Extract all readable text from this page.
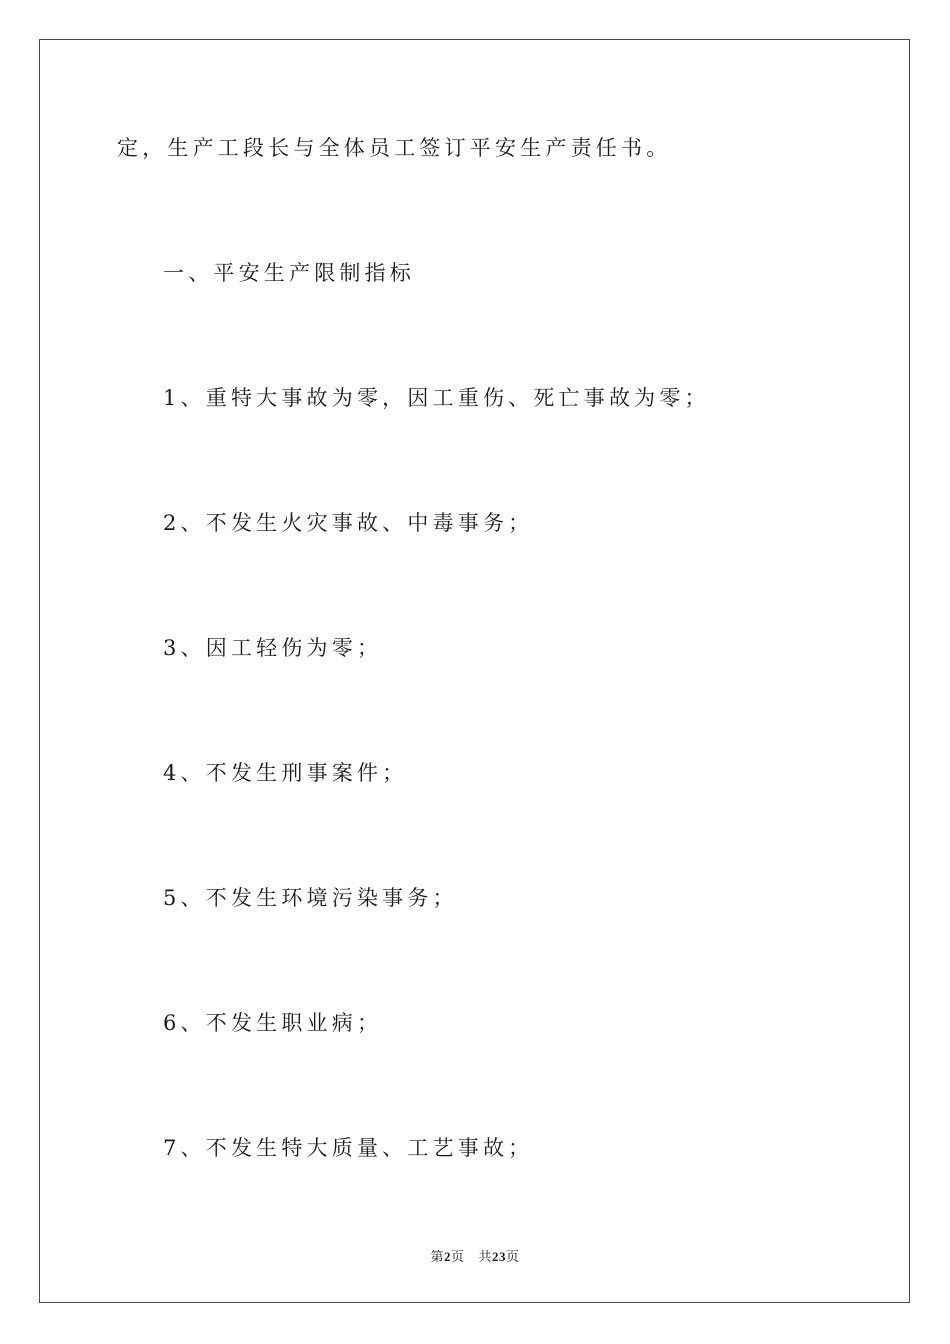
定，生产工段长与全体员工签订平安生产责任书。
一、平安生产限制指标
1、重特大事故为零，因工重伤、死亡事故为零；
2、不发生火灾事故、中毒事务；
3、因工轻伤为零；
4、不发生刑事案件；
5、不发生环境污染事务；
6、不发生职业病；
7、不发生特大质量、工艺事故；
第2页 共23页
